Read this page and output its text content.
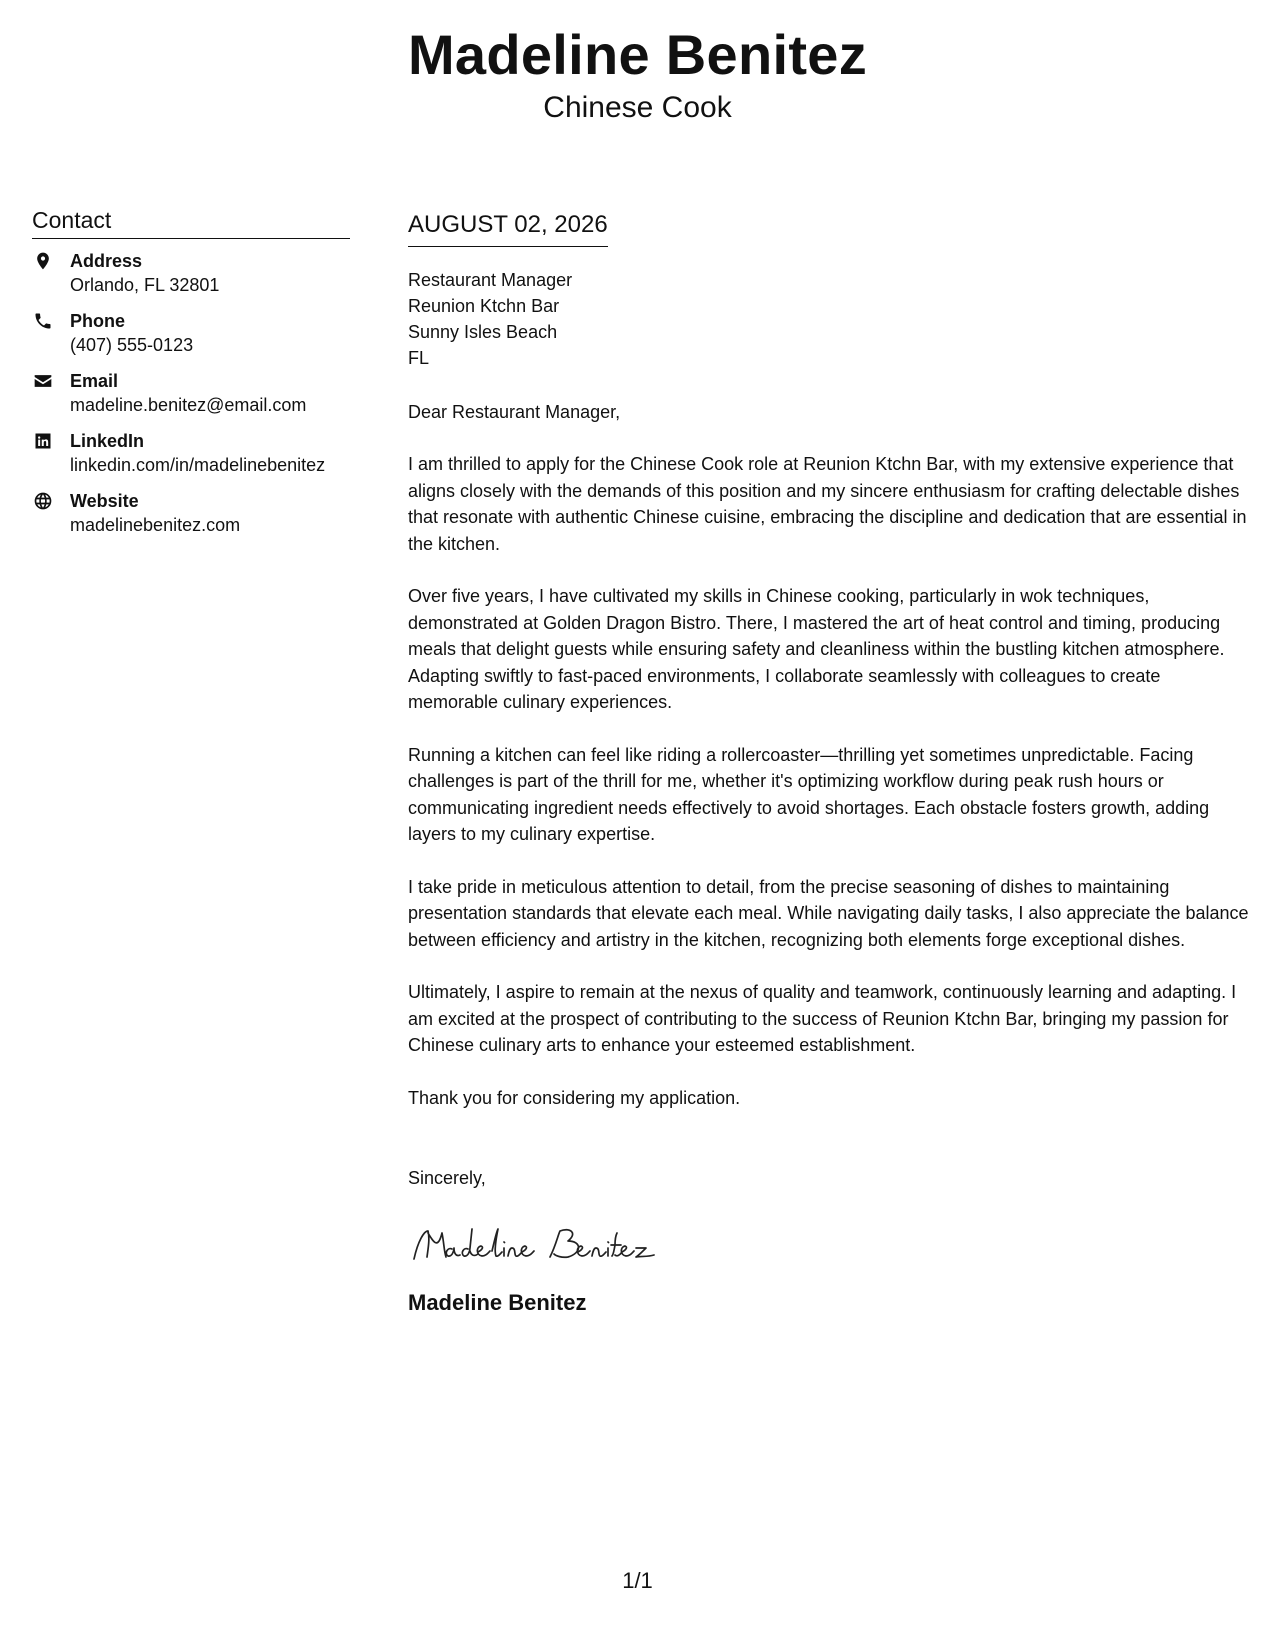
Madeline Benitez
Chinese Cook
Contact
Address
Orlando, FL 32801
Phone
(407) 555-0123
Email
madeline.benitez@email.com
LinkedIn
linkedin.com/in/madelinebenitez
Website
madelinebenitez.com
AUGUST 02, 2026
Restaurant Manager
Reunion Ktchn Bar
Sunny Isles Beach
FL
Dear Restaurant Manager,
I am thrilled to apply for the Chinese Cook role at Reunion Ktchn Bar, with my extensive experience that aligns closely with the demands of this position and my sincere enthusiasm for crafting delectable dishes that resonate with authentic Chinese cuisine, embracing the discipline and dedication that are essential in the kitchen.
Over five years, I have cultivated my skills in Chinese cooking, particularly in wok techniques, demonstrated at Golden Dragon Bistro. There, I mastered the art of heat control and timing, producing meals that delight guests while ensuring safety and cleanliness within the bustling kitchen atmosphere. Adapting swiftly to fast-paced environments, I collaborate seamlessly with colleagues to create memorable culinary experiences.
Running a kitchen can feel like riding a rollercoaster—thrilling yet sometimes unpredictable. Facing challenges is part of the thrill for me, whether it's optimizing workflow during peak rush hours or communicating ingredient needs effectively to avoid shortages. Each obstacle fosters growth, adding layers to my culinary expertise.
I take pride in meticulous attention to detail, from the precise seasoning of dishes to maintaining presentation standards that elevate each meal. While navigating daily tasks, I also appreciate the balance between efficiency and artistry in the kitchen, recognizing both elements forge exceptional dishes.
Ultimately, I aspire to remain at the nexus of quality and teamwork, continuously learning and adapting. I am excited at the prospect of contributing to the success of Reunion Ktchn Bar, bringing my passion for Chinese culinary arts to enhance your esteemed establishment.
Thank you for considering my application.
Sincerely,
Madeline Benitez
1/1
